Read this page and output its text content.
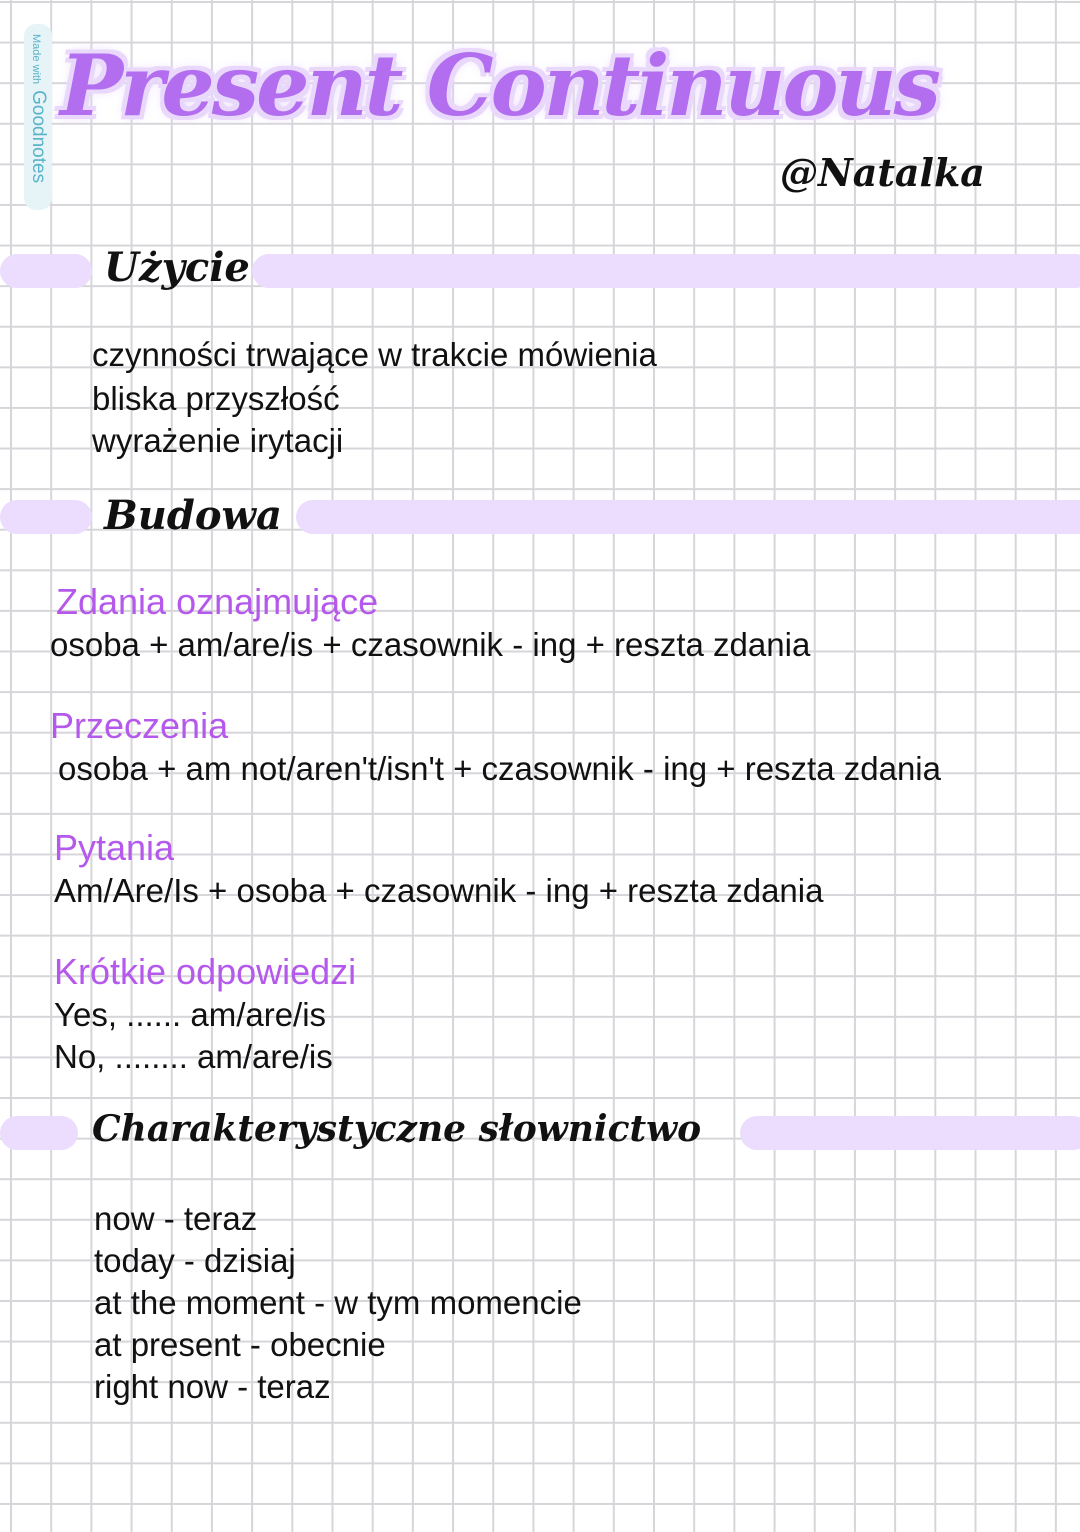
Made withGoodnotes
Present Continuous
@Natalka
Użycie
czynności trwające w trakcie mówienia
bliska przyszłość
wyrażenie irytacji
Budowa
Zdania oznajmujące
osoba + am/are/is + czasownik - ing + reszta zdania
Przeczenia
osoba + am not/aren't/isn't + czasownik - ing + reszta zdania
Pytania
Am/Are/Is + osoba + czasownik - ing + reszta zdania
Krótkie odpowiedzi
Yes, ...... am/are/is
No, ........ am/are/is
Charakterystyczne słownictwo
now - teraz
today - dzisiaj
at the moment - w tym momencie
at present - obecnie
right now - teraz
